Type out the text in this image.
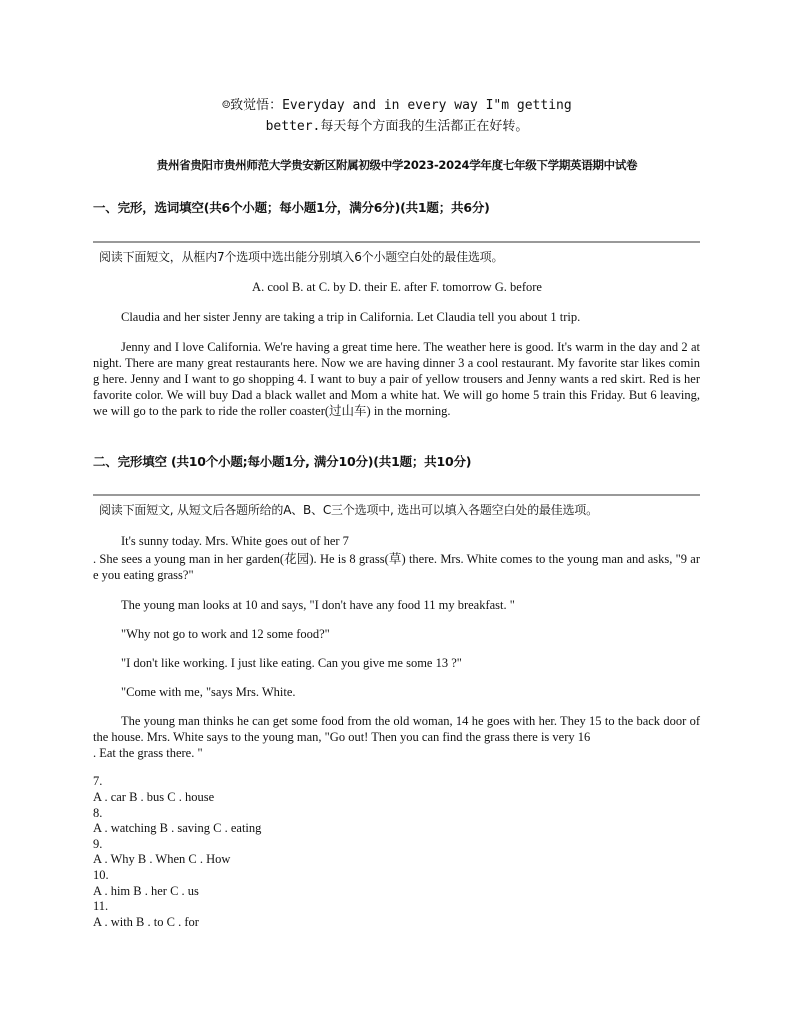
☺致觉悟：Everyday and in every way I"m getting
better.每天每个方面我的生活都正在好转。
贵州省贵阳市贵州师范大学贵安新区附属初级中学2023-2024学年度七年级下学期英语期中试卷
一、完形，选词填空(共6个小题；每小题1分，满分6分)(共1题；共6分)
阅读下面短文，从框内7个选项中选出能分别填入6个小题空白处的最佳选项。
A. cool B. at C. by D. their E. after F. tomorrow G. before

Claudia and her sister Jenny are taking a trip in California. Let Claudia tell you about 1 trip.

Jenny and I love California. We're having a great time here. The weather here is good. It's warm in the day and 2 at night. There are many great restaurants here. Now we are having dinner 3 a cool restaurant. My favorite star likes coming here. Jenny and I want to go shopping 4. I want to buy a pair of yellow trousers and Jenny wants a red skirt. Red is her favorite color. We will buy Dad a black wallet and Mom a white hat. We will go home 5 train this Friday. But 6 leaving, we will go to the park to ride the roller coaster(过山车) in the morning.

二、完形填空 (共10个小题;每小题1分, 满分10分)(共1题；共10分)
阅读下面短文, 从短文后各题所给的A、B、C三个选项中, 选出可以填入各题空白处的最佳选项。

It's sunny today. Mrs. White goes out of her 7

. She sees a young man in her garden(花园). He is 8 grass(草) there. Mrs. White comes to the young man and asks, "9 are you eating grass?"

The young man looks at 10 and says, "I don't have any food 11 my breakfast. "

"Why not go to work and 12 some food?"

"I don't like working. I just like eating. Can you give me some 13 ?"

"Come with me, "says Mrs. White.

The young man thinks he can get some food from the old woman, 14 he goes with her. They 15 to the back door of the house. Mrs. White says to the young man, "Go out! Then you can find the grass there is very 16

. Eat the grass there. "

7.
A . car B . bus C . house
8.
A . watching B . saving C . eating
9.
A . Why B . When C . How
10.
A . him B . her C . us
11.
A . with B . to C . for
